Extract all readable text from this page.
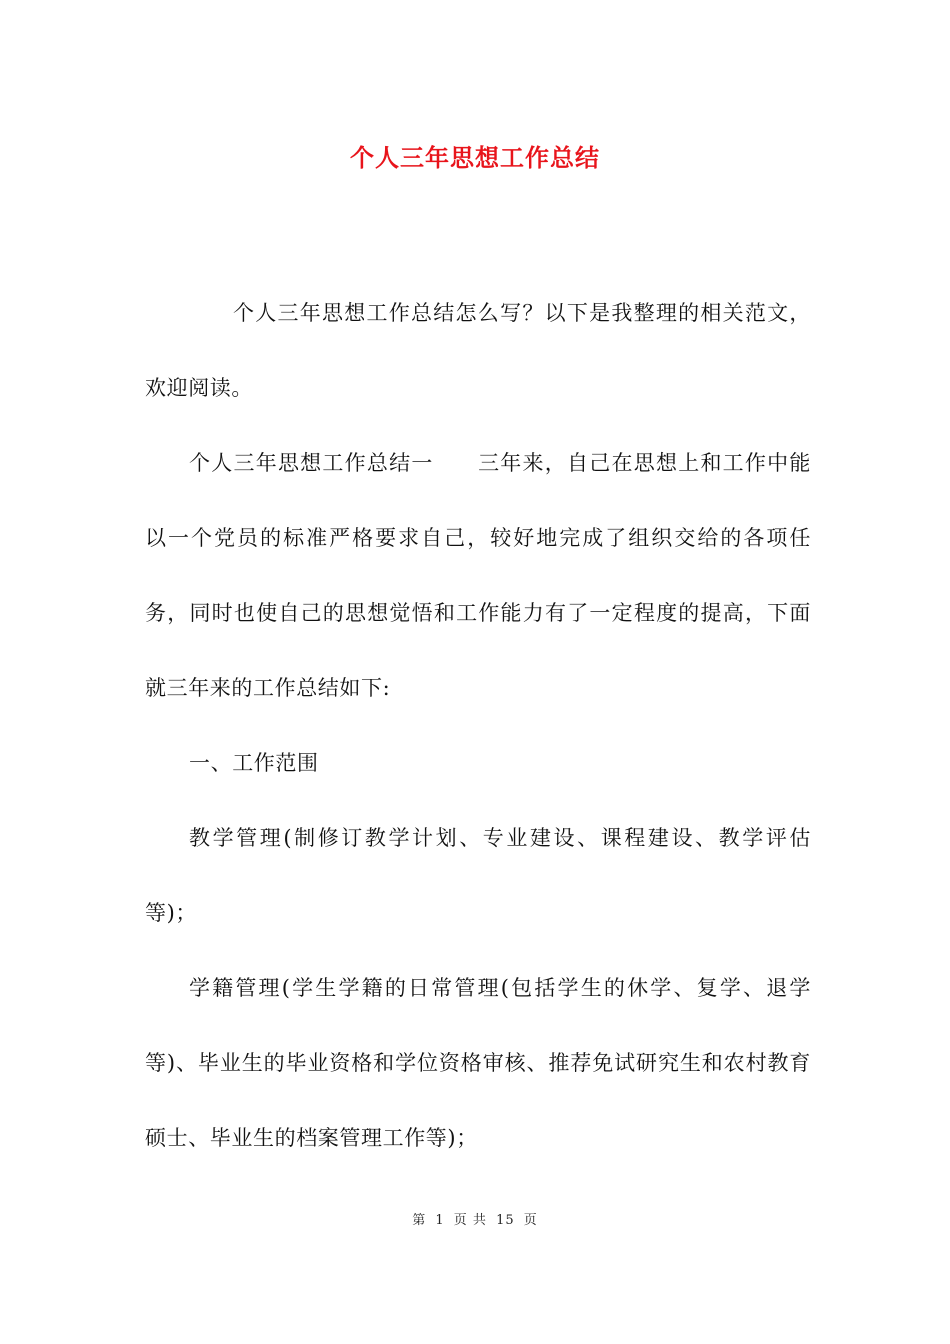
个人三年思想工作总结

个人三年思想工作总结怎么写？以下是我整理的相关范文，欢迎阅读。

个人三年思想工作总结一　　三年来，自己在思想上和工作中能以一个党员的标准严格要求自己，较好地完成了组织交给的各项任务，同时也使自己的思想觉悟和工作能力有了一定程度的提高，下面就三年来的工作总结如下:

一、工作范围

教学管理(制修订教学计划、专业建设、课程建设、教学评估等)；

学籍管理(学生学籍的日常管理(包括学生的休学、复学、退学等)、毕业生的毕业资格和学位资格审核、推荐免试研究生和农村教育硕士、毕业生的档案管理工作等)；

第 1 页 共 15 页
